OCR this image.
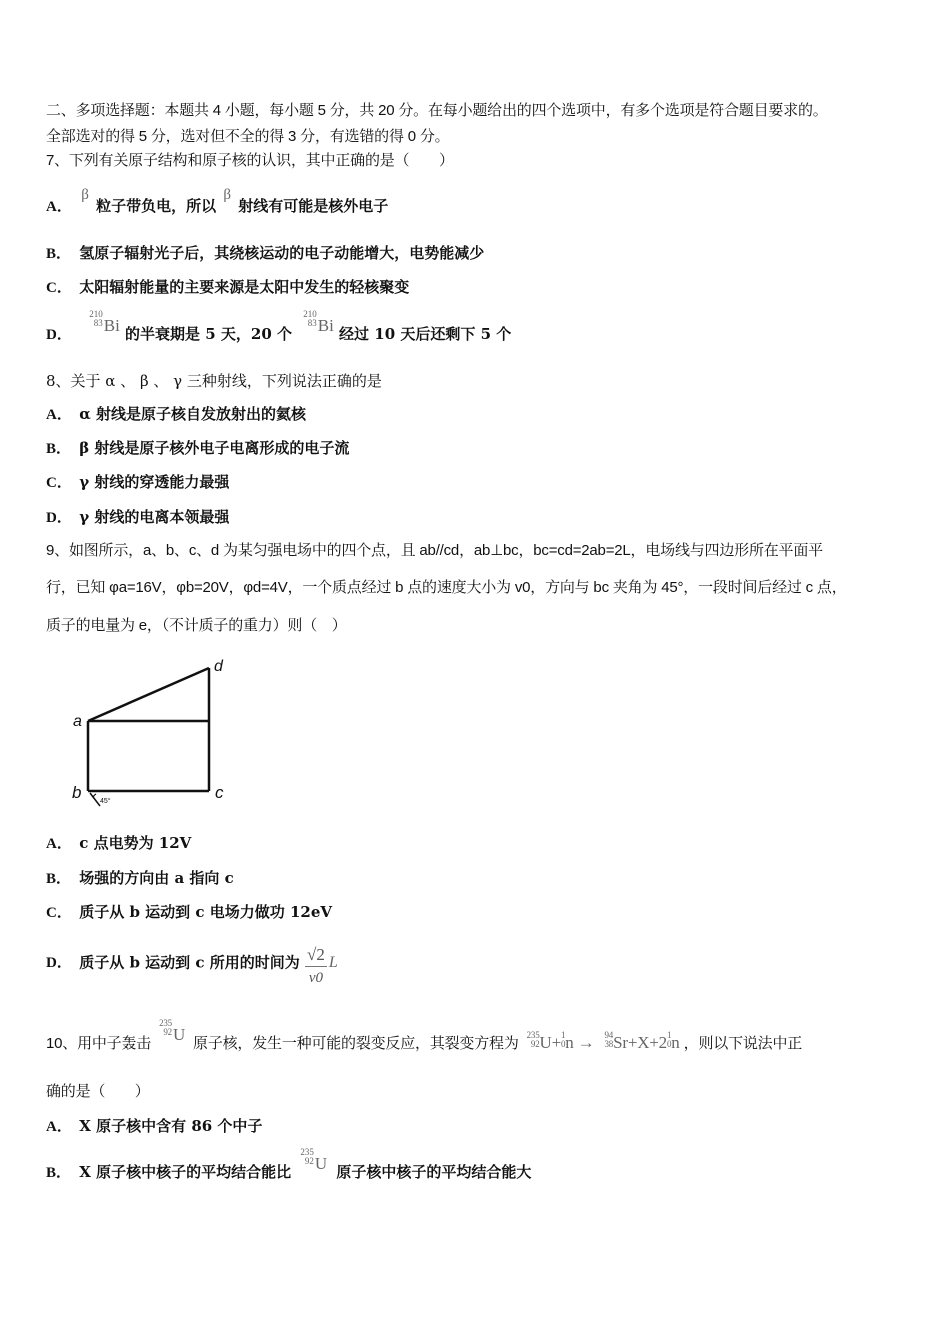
二、多项选择题：本题共 4 小题，每小题 5 分，共 20 分。在每小题给出的四个选项中，有多个选项是符合题目要求的。
全部选对的得 5 分，选对但不全的得 3 分，有选错的得 0 分。
7、下列有关原子结构和原子核的认识，其中正确的是（　　）
A． β 粒子带负电，所以 β 射线有可能是核外电子
B． 氢原子辐射光子后，其绕核运动的电子动能增大，电势能减少
C． 太阳辐射能量的主要来源是太阳中发生的轻核聚变
D．
210
83 Bi 的半衰期是 5 天，20 个
210
83 Bi 经过 10 天后还剩下 5 个
8、关于 α 、 β 、 γ 三种射线，下列说法正确的是
A． α 射线是原子核自发放射出的氦核
B． β 射线是原子核外电子电离形成的电子流
C． γ 射线的穿透能力最强
D． γ 射线的电离本领最强
9、如图所示，a、b、c、d 为某匀强电场中的四个点，且 ab//cd，ab⊥bc，bc=cd=2ab=2L，电场线与四边形所在平面平
行，已知 φa=16V，φb=20V，φd=4V，一个质点经过 b 点的速度大小为 v0，方向与 bc 夹角为 45°，一段时间后经过 c 点，
质子的电量为 e，（不计质子的重力）则（　）
a
d
b	c
45°
A． c 点电势为 12V
B． 场强的方向由 a 指向 c
C． 质子从 b 运动到 c 电场力做功 12eV
D． 质子从 b 运动到 c 所用的时间为 $\frac{√2}{v0}$ L
10、用中子轰击
235
92 U 原子核，发生一种可能的裂变反应，其裂变方程为 235
92 U+ 1
0 n → 94
38 Sr+X+2 1
0 n ，则以下说法中正
确的是（　　）
A． X 原子核中含有 86 个中子
B． X 原子核中核子的平均结合能比
235
92 U 原子核中核子的平均结合能大
